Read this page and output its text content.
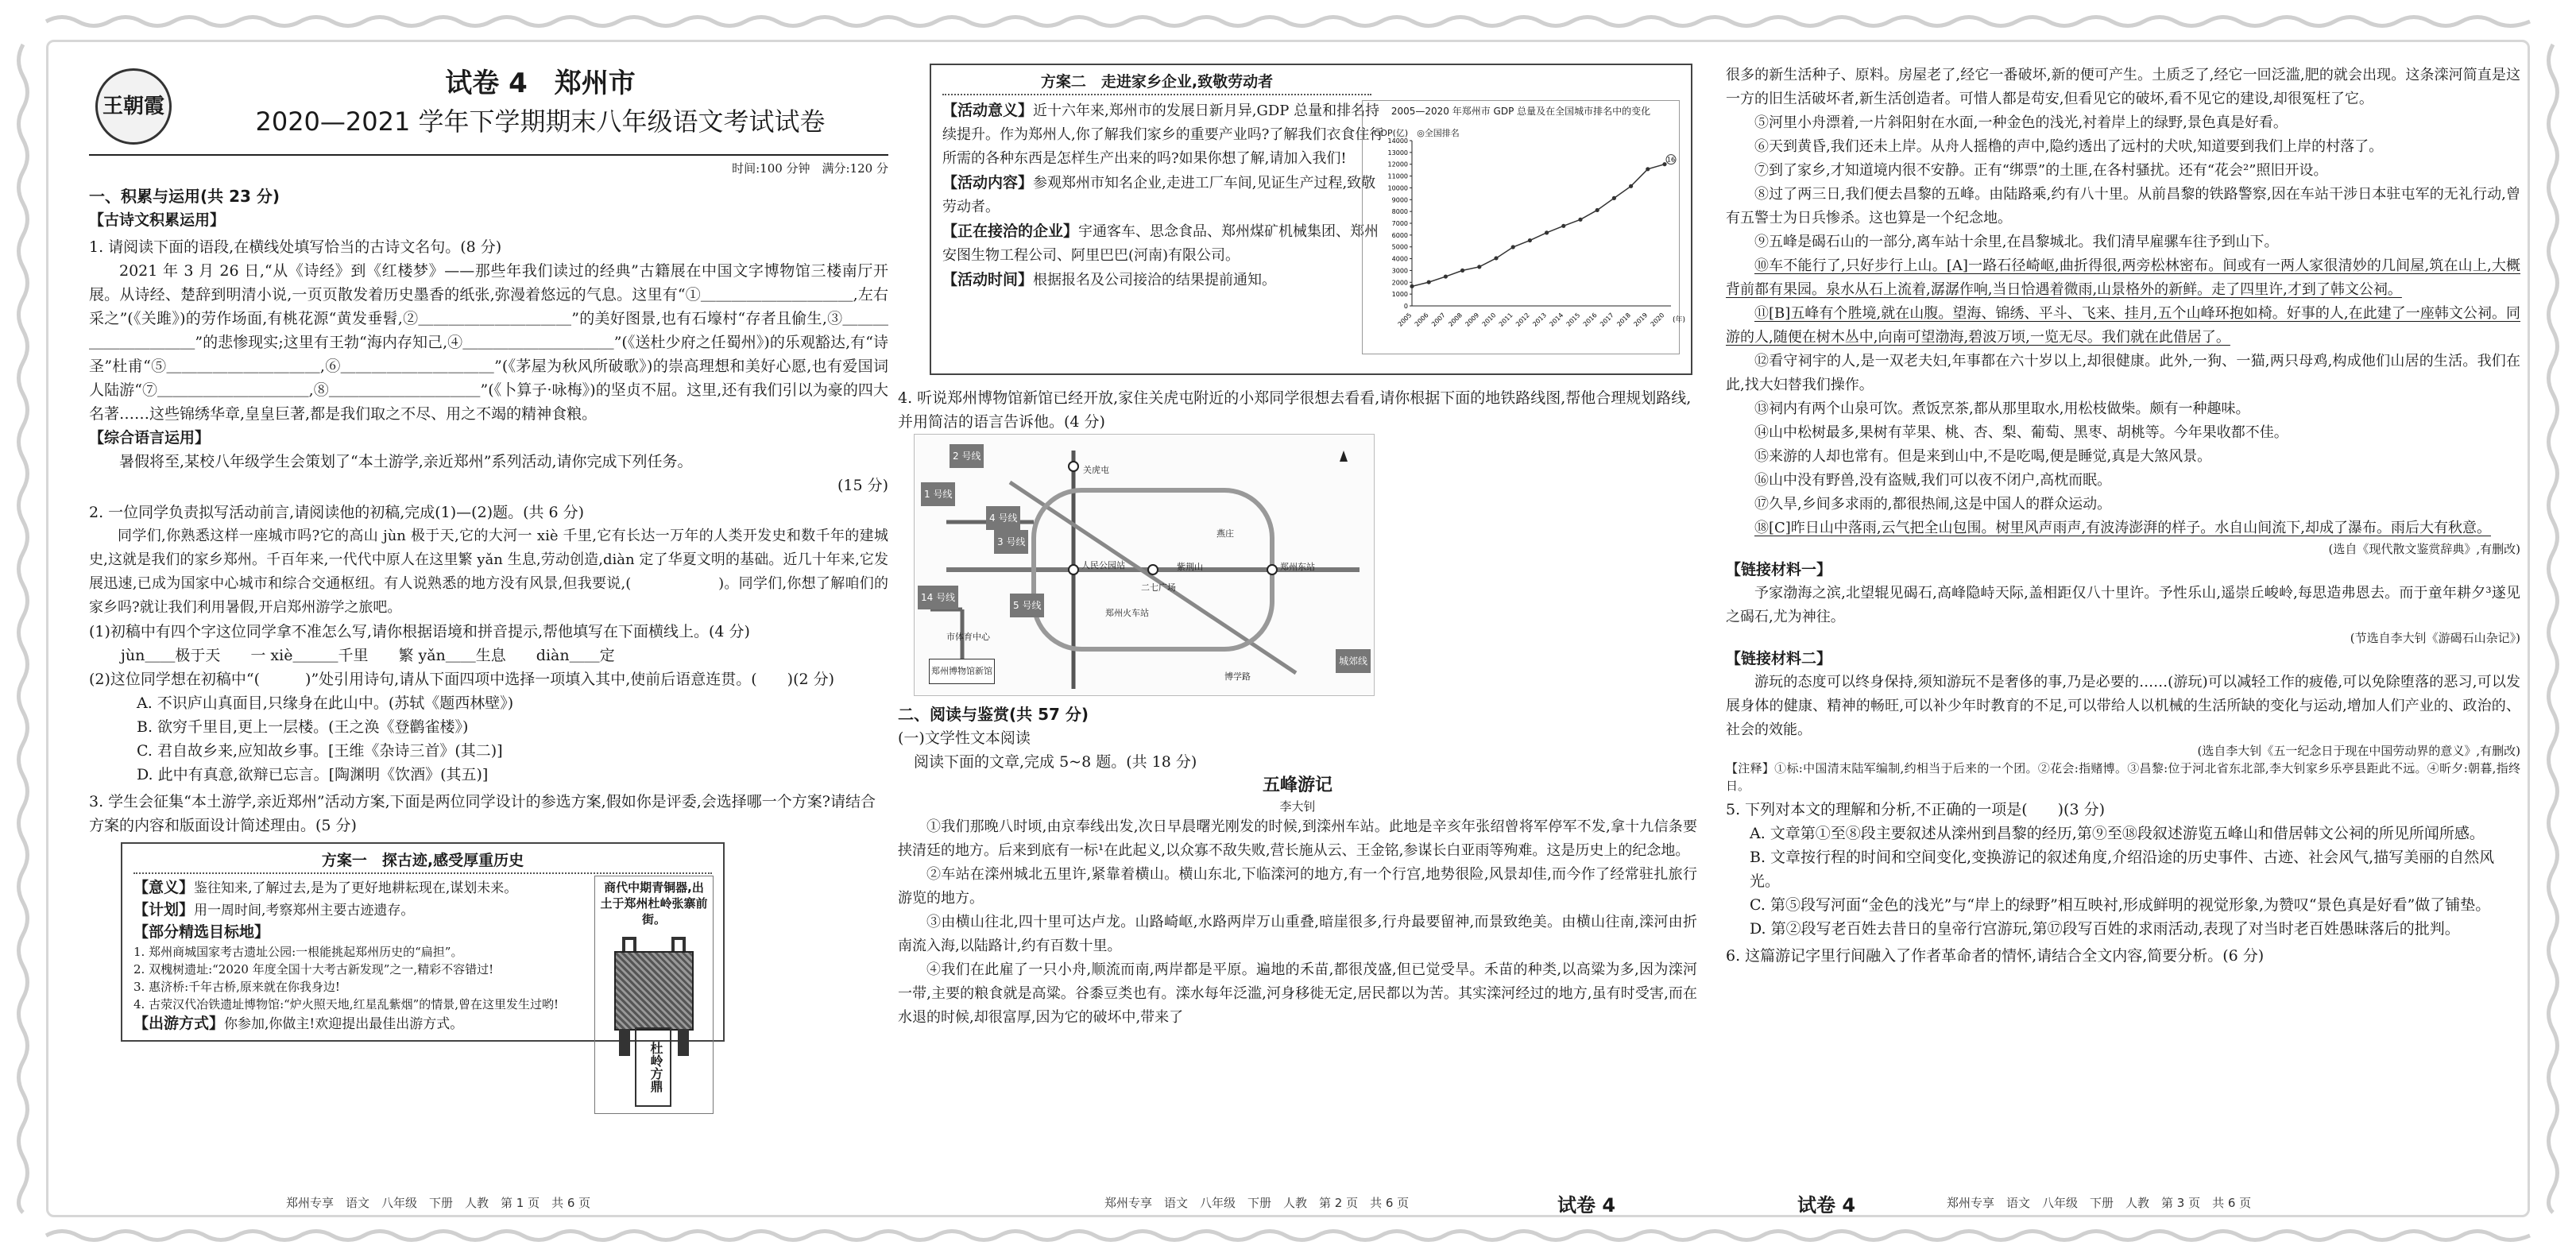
王朝霞
试卷 4　郑州市
2020—2021 学年下学期期末八年级语文考试试卷
时间:100 分钟　满分:120 分
一、积累与运用(共 23 分)
【古诗文积累运用】
1. 请阅读下面的语段,在横线处填写恰当的古诗文名句。(8 分)
2021 年 3 月 26 日,“从《诗经》到《红楼梦》——那些年我们读过的经典”古籍展在中国文字博物馆三楼南厅开展。从诗经、楚辞到明清小说,一页页散发着历史墨香的纸张,弥漫着悠远的气息。这里有“①＿＿＿＿＿＿＿＿＿＿,左右采之”(《关雎》)的劳作场面,有桃花源“黄发垂髫,②＿＿＿＿＿＿＿＿＿＿”的美好图景,也有石壕村“存者且偷生,③＿＿＿＿＿＿＿＿＿＿”的悲惨现实;这里有王勃“海内存知己,④＿＿＿＿＿＿＿＿＿＿”(《送杜少府之任蜀州》)的乐观豁达,有“诗圣”杜甫“⑤＿＿＿＿＿＿＿＿＿＿,⑥＿＿＿＿＿＿＿＿＿＿”(《茅屋为秋风所破歌》)的崇高理想和美好心愿,也有爱国词人陆游“⑦＿＿＿＿＿＿＿＿＿＿,⑧＿＿＿＿＿＿＿＿＿＿”(《卜算子·咏梅》)的坚贞不屈。这里,还有我们引以为豪的四大名著……这些锦绣华章,皇皇巨著,都是我们取之不尽、用之不竭的精神食粮。
【综合语言运用】
暑假将至,某校八年级学生会策划了“本土游学,亲近郑州”系列活动,请你完成下列任务。
(15 分)
2. 一位同学负责拟写活动前言,请阅读他的初稿,完成(1)—(2)题。(共 6 分)
同学们,你熟悉这样一座城市吗?它的高山 jùn 极于天,它的大河一 xiè 千里,它有长达一万年的人类开发史和数千年的建城史,这就是我们的家乡郑州。千百年来,一代代中原人在这里繁 yǎn 生息,劳动创造,diàn 定了华夏文明的基础。近几十年来,它发展迅速,已成为国家中心城市和综合交通枢纽。有人说熟悉的地方没有风景,但我要说,(　　　　　　)。同学们,你想了解咱们的家乡吗?就让我们利用暑假,开启郑州游学之旅吧。
(1)初稿中有四个字这位同学拿不准怎么写,请你根据语境和拼音提示,帮他填写在下面横线上。(4 分)
jùn＿＿极于天　　一 xiè＿＿＿千里　　繁 yǎn＿＿生息　　diàn＿＿定
(2)这位同学想在初稿中“(　　　)”处引用诗句,请从下面四项中选择一项填入其中,使前后语意连贯。(　　)(2 分)
A. 不识庐山真面目,只缘身在此山中。(苏轼《题西林壁》)
B. 欲穷千里目,更上一层楼。(王之涣《登鹳雀楼》)
C. 君自故乡来,应知故乡事。[王维《杂诗三首》(其二)]
D. 此中有真意,欲辩已忘言。[陶渊明《饮酒》(其五)]
3. 学生会征集“本土游学,亲近郑州”活动方案,下面是两位同学设计的参选方案,假如你是评委,会选择哪一个方案?请结合方案的内容和版面设计简述理由。(5 分)
方案一　探古迹,感受厚重历史
【意义】鉴往知来,了解过去,是为了更好地耕耘现在,谋划未来。
【计划】用一周时间,考察郑州主要古迹遗存。
【部分精选目标地】
1. 郑州商城国家考古遗址公园:一根能挑起郑州历史的“扁担”。
2. 双槐树遗址:“2020 年度全国十大考古新发现”之一,精彩不容错过!
3. 惠济桥:千年古桥,原来就在你我身边!
4. 古荥汉代冶铁遗址博物馆:“炉火照天地,红星乱紫烟”的情景,曾在这里发生过哟!
【出游方式】你参加,你做主!欢迎提出最佳出游方式。
商代中期青铜器,出土于郑州杜岭张寨前街。
杜岭方鼎
郑州专享　语文　八年级　下册　人教　第 1 页　共 6 页
方案二　走进家乡企业,致敬劳动者
【活动意义】近十六年来,郑州市的发展日新月异,GDP 总量和排名持续提升。作为郑州人,你了解我们家乡的重要产业吗?了解我们衣食住行所需的各种东西是怎样生产出来的吗?如果你想了解,请加入我们!
【活动内容】参观郑州市知名企业,走进工厂车间,见证生产过程,致敬劳动者。
【正在接洽的企业】宇通客车、思念食品、郑州煤矿机械集团、郑州安图生物工程公司、阿里巴巴(河南)有限公司。
【活动时间】根据报名及公司接洽的结果提前通知。
2005—2020 年郑州市 GDP 总量及在全国城市排名中的变化
GDP(亿)　◎全国排名
0
1000
2000
3000
4000
5000
6000
7000
8000
9000
10000
11000
12000
13000
14000
2005 2006 2007 2008 2009 2010 2011 2012 2013 2014 2015 2016 2017 2018 2019 2020 (年)
16
4. 听说郑州博物馆新馆已经开放,家住关虎屯附近的小郑同学很想去看看,请你根据下面的地铁路线图,帮他合理规划路线,并用简洁的语言告诉他。(4 分)
2 号线
1 号线
3 号线
4 号线
5 号线
14 号线
城郊线
关虎屯
郑州博物馆新馆
二七广场
紫荆山	郑州东站
郑州火车站
燕庄
市体育中心
人民公园站
博学路
二、阅读与鉴赏(共 57 分)
(一)文学性文本阅读
阅读下面的文章,完成 5~8 题。(共 18 分)
五峰游记
李大钊
①我们那晚八时顷,由京奉线出发,次日早晨曙光刚发的时候,到滦州车站。此地是辛亥年张绍曾将军停军不发,拿十九信条要挟清廷的地方。后来到底有一标¹在此起义,以众寡不敌失败,营长施从云、王金铭,参谋长白亚雨等殉难。这是历史上的纪念地。
②车站在滦州城北五里许,紧靠着横山。横山东北,下临滦河的地方,有一个行宫,地势很险,风景却佳,而今作了经常驻扎旅行游览的地方。
③由横山往北,四十里可达卢龙。山路崎岖,水路两岸万山重叠,暗崖很多,行舟最要留神,而景致绝美。由横山往南,滦河由折南流入海,以陆路计,约有百数十里。
④我们在此雇了一只小舟,顺流而南,两岸都是平原。遍地的禾苗,都很茂盛,但已觉受旱。禾苗的种类,以高粱为多,因为滦河一带,主要的粮食就是高粱。谷黍豆类也有。滦水每年泛滥,河身移徙无定,居民都以为苦。其实滦河经过的地方,虽有时受害,而在水退的时候,却很富厚,因为它的破坏中,带来了
郑州专享　语文　八年级　下册　人教　第 2 页　共 6 页	试卷 4
很多的新生活种子、原料。房屋老了,经它一番破坏,新的便可产生。土质乏了,经它一回泛滥,肥的就会出现。这条滦河简直是这一方的旧生活破坏者,新生活创造者。可惜人都是苟安,但看见它的破坏,看不见它的建设,却很冤枉了它。
⑤河里小舟漂着,一片斜阳射在水面,一种金色的浅光,衬着岸上的绿野,景色真是好看。
⑥天到黄昏,我们还未上岸。从舟人摇橹的声中,隐约透出了远村的犬吠,知道要到我们上岸的村落了。
⑦到了家乡,才知道境内很不安静。正有“绑票”的土匪,在各村骚扰。还有“花会²”照旧开设。
⑧过了两三日,我们便去昌黎的五峰。由陆路乘,约有八十里。从前昌黎的铁路警察,因在车站干涉日本驻屯军的无礼行动,曾有五警士为日兵惨杀。这也算是一个纪念地。
⑨五峰是碣石山的一部分,离车站十余里,在昌黎城北。我们清早雇骡车往予到山下。
⑩车不能行了,只好步行上山。[A]一路石径崎岖,曲折得很,两旁松林密布。间或有一两人家很清妙的几间屋,筑在山上,大概背前都有果园。泉水从石上流着,潺潺作响,当日恰遇着微雨,山景格外的新鲜。走了四里许,才到了韩文公祠。
⑪[B]五峰有个胜境,就在山腹。望海、锦绣、平斗、飞来、挂月,五个山峰环抱如椅。好事的人,在此建了一座韩文公祠。同游的人,随便在树木丛中,向南可望渤海,碧波万顷,一览无尽。我们就在此借居了。
⑫看守祠宇的人,是一双老夫妇,年事都在六十岁以上,却很健康。此外,一狗、一猫,两只母鸡,构成他们山居的生活。我们在此,找大妇替我们操作。
⑬祠内有两个山泉可饮。煮饭烹茶,都从那里取水,用松枝做柴。颇有一种趣味。
⑭山中松树最多,果树有苹果、桃、杏、梨、葡萄、黑枣、胡桃等。今年果收都不佳。
⑮来游的人却也常有。但是来到山中,不是吃喝,便是睡觉,真是大煞风景。
⑯山中没有野兽,没有盗贼,我们可以夜不闭户,高枕而眠。
⑰久旱,乡间多求雨的,都很热闹,这是中国人的群众运动。
⑱[C]昨日山中落雨,云气把全山包围。树里风声雨声,有波涛澎湃的样子。水自山间流下,却成了瀑布。雨后大有秋意。
(选自《现代散文鉴赏辞典》,有删改)
【链接材料一】
予家渤海之滨,北望辊见碣石,高峰隐峙天际,盖相距仅八十里许。予性乐山,遥崇丘峻岭,每思造弗恩去。而于童年耕夕³遂见之碣石,尤为神往。
(节选自李大钊《游碣石山杂记》)
【链接材料二】
游玩的态度可以终身保持,须知游玩不是奢侈的事,乃是必要的……(游玩)可以减轻工作的疲倦,可以免除堕落的恶习,可以发展身体的健康、精神的畅旺,可以补少年时教育的不足,可以带给人以机械的生活所缺的变化与运动,增加人们产业的、政治的、社会的效能。
(选自李大钊《五一纪念日于现在中国劳动界的意义》,有删改)
【注释】①标:中国清末陆军编制,约相当于后来的一个团。②花会:指赌博。③昌黎:位于河北省东北部,李大钊家乡乐亭县距此不远。④昕夕:朝暮,指终日。
5. 下列对本文的理解和分析,不正确的一项是(　　)(3 分)
A. 文章第①至⑧段主要叙述从滦州到昌黎的经历,第⑨至⑱段叙述游览五峰山和借居韩文公祠的所见所闻所感。
B. 文章按行程的时间和空间变化,变换游记的叙述角度,介绍沿途的历史事件、古迹、社会风气,描写美丽的自然风光。
C. 第⑤段写河面“金色的浅光”与“岸上的绿野”相互映衬,形成鲜明的视觉形象,为赞叹“景色真是好看”做了铺垫。
D. 第②段写老百姓去昔日的皇帝行宫游玩,第⑰段写百姓的求雨活动,表现了对当时老百姓愚昧落后的批判。
6. 这篇游记字里行间融入了作者革命者的情怀,请结合全文内容,简要分析。(6 分)
试卷 4	郑州专享　语文　八年级　下册　人教　第 3 页　共 6 页
